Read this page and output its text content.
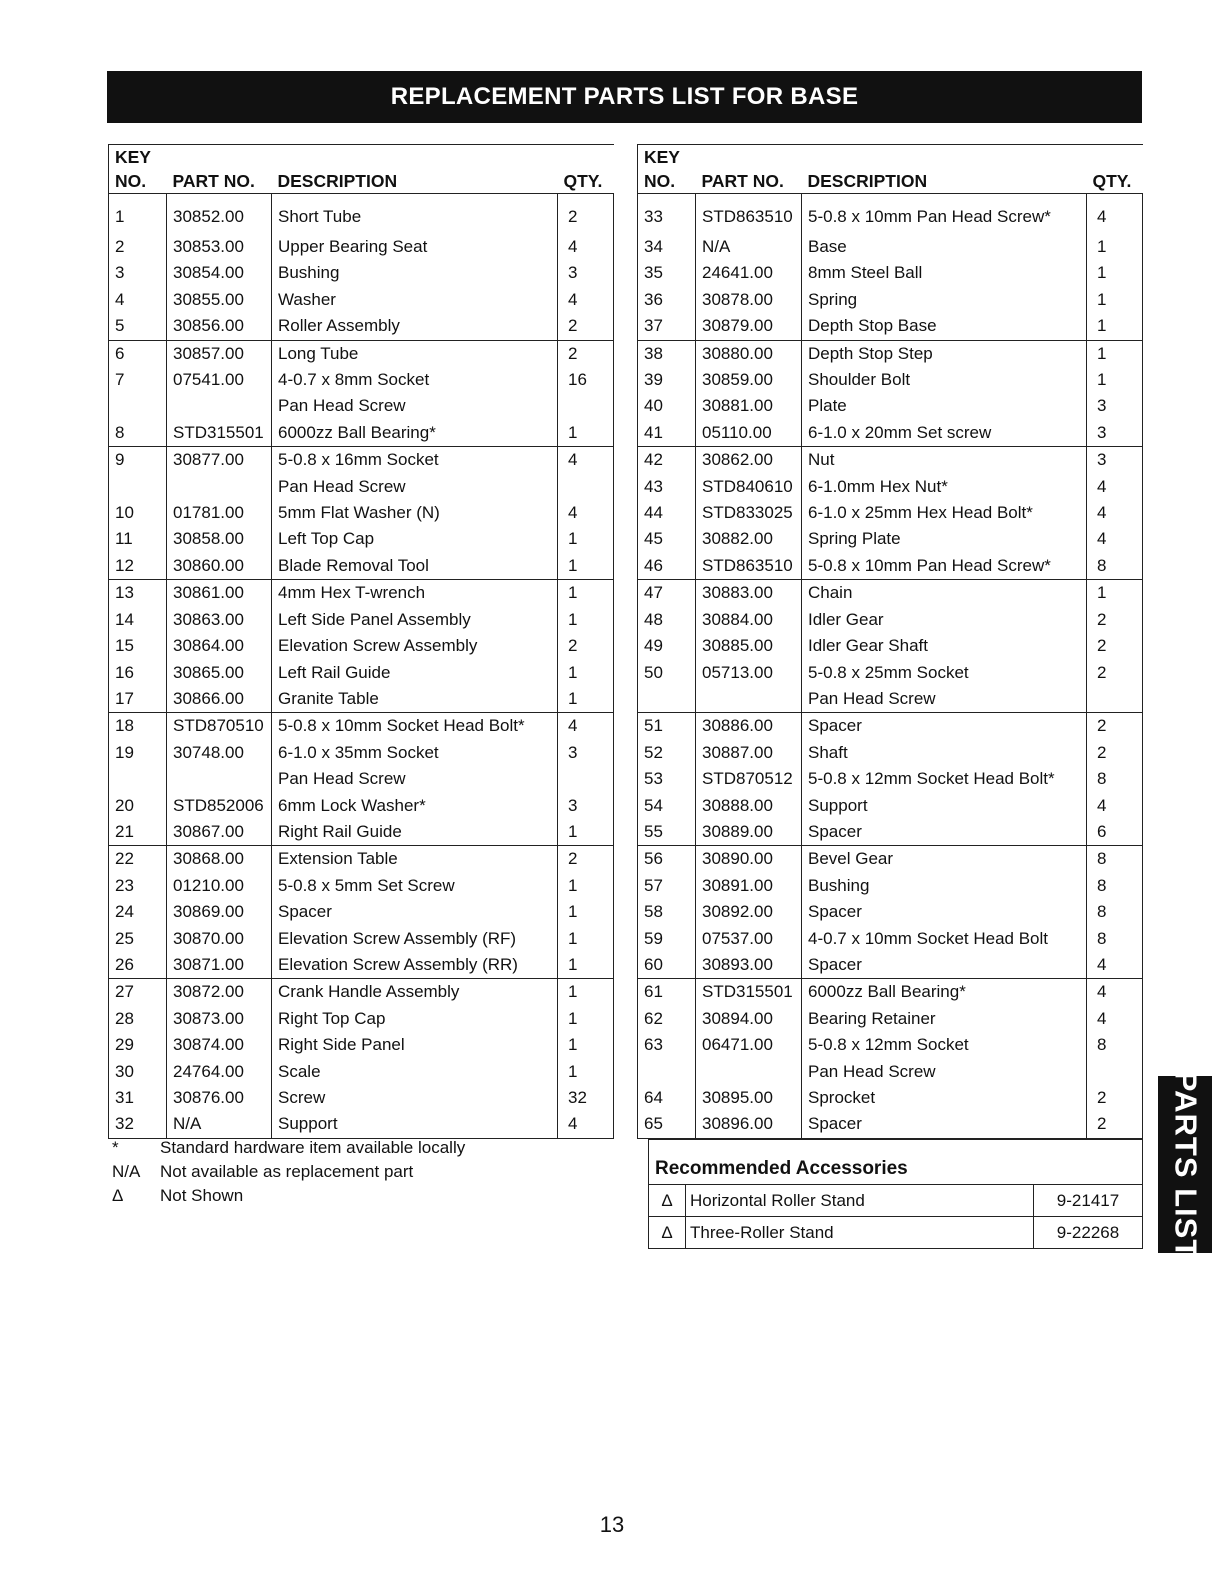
REPLACEMENT PARTS LIST FOR BASE
KEY
NO.	PART NO.	DESCRIPTION	QTY.
1	30852.00	Short Tube	2
2	30853.00	Upper Bearing Seat	4
3	30854.00	Bushing	3
4	30855.00	Washer	4
5	30856.00	Roller Assembly	2
6	30857.00	Long Tube	2
7	07541.00	4-0.7 x 8mm Socket	16
		Pan Head Screw	
8	STD315501	6000zz Ball Bearing*	1
9	30877.00	5-0.8 x 16mm Socket	4
		Pan Head Screw	
10	01781.00	5mm Flat Washer (N)	4
11	30858.00	Left Top Cap	1
12	30860.00	Blade Removal Tool	1
13	30861.00	4mm Hex T-wrench	1
14	30863.00	Left Side Panel Assembly	1
15	30864.00	Elevation Screw Assembly	2
16	30865.00	Left Rail Guide	1
17	30866.00	Granite Table	1
18	STD870510	5-0.8 x 10mm Socket Head Bolt*	4
19	30748.00	6-1.0 x 35mm Socket	3
		Pan Head Screw	
20	STD852006	6mm Lock Washer*	3
21	30867.00	Right Rail Guide	1
22	30868.00	Extension Table	2
23	01210.00	5-0.8 x 5mm Set Screw	1
24	30869.00	Spacer	1
25	30870.00	Elevation Screw Assembly (RF)	1
26	30871.00	Elevation Screw Assembly (RR)	1
27	30872.00	Crank Handle Assembly	1
28	30873.00	Right Top Cap	1
29	30874.00	Right Side Panel	1
30	24764.00	Scale	1
31	30876.00	Screw	32
32	N/A	Support	4
KEY
NO.	PART NO.	DESCRIPTION	QTY.
33	STD863510	5-0.8 x 10mm Pan Head Screw*	4
34	N/A	Base	1
35	24641.00	8mm Steel Ball	1
36	30878.00	Spring	1
37	30879.00	Depth Stop Base	1
38	30880.00	Depth Stop Step	1
39	30859.00	Shoulder Bolt	1
40	30881.00	Plate	3
41	05110.00	6-1.0 x 20mm Set screw	3
42	30862.00	Nut	3
43	STD840610	6-1.0mm Hex Nut*	4
44	STD833025	6-1.0 x 25mm Hex Head Bolt*	4
45	30882.00	Spring Plate	4
46	STD863510	5-0.8 x 10mm Pan Head Screw*	8
47	30883.00	Chain	1
48	30884.00	Idler Gear	2
49	30885.00	Idler Gear Shaft	2
50	05713.00	5-0.8 x 25mm Socket	2
		Pan Head Screw	
51	30886.00	Spacer	2
52	30887.00	Shaft	2
53	STD870512	5-0.8 x 12mm Socket Head Bolt*	8
54	30888.00	Support	4
55	30889.00	Spacer	6
56	30890.00	Bevel Gear	8
57	30891.00	Bushing	8
58	30892.00	Spacer	8
59	07537.00	4-0.7 x 10mm Socket Head Bolt	8
60	30893.00	Spacer	4
61	STD315501	6000zz Ball Bearing*	4
62	30894.00	Bearing Retainer	4
63	06471.00	5-0.8 x 12mm Socket	8
		Pan Head Screw	
64	30895.00	Sprocket	2
65	30896.00	Spacer	2
*	Standard hardware item available locally
N/A	Not available as replacement part
Δ	Not Shown
Recommended Accessories
Δ	Horizontal Roller Stand	9-21417
Δ	Three-Roller Stand	9-22268 PARTS LIST
13
